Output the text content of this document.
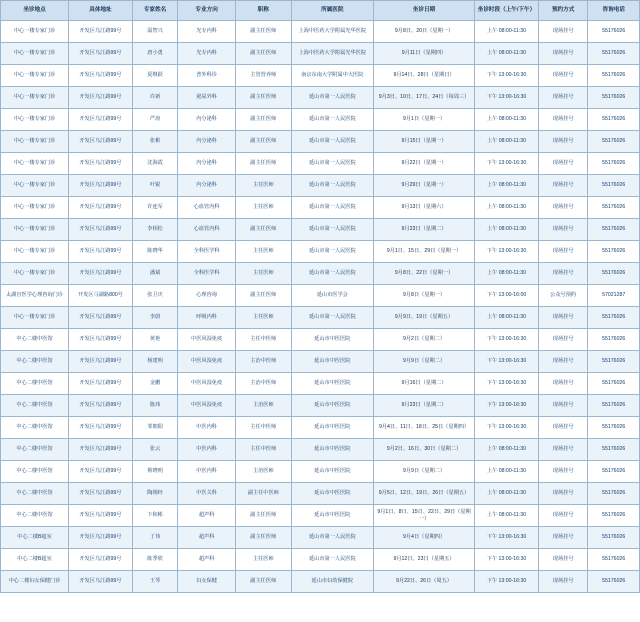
坐诊地点	具体地址	专家姓名	专业方向	职称	所属医院	坐诊日期	坐诊时段（上午/下午）	预约方式	咨询电话
中心一楼专家门诊	开发区乌江路99号	温智兴	光专内科	副主任医师	上海中医药大学附属光华医院	9月8日、20日（星期一）	上午 08:00-11:30	现场挂号	55176026
中心一楼专家门诊	开发区乌江路99号	唐小勇	光专内科	副主任医师	上海中医药大学附属光华医院	9月11日（星期四）	上午 08:00-11:30	现场挂号	55176026
中心一楼专家门诊	开发区乌江路99号	夏继跃	普外科诊	主管营养师	南京东南大学附属中大医院	9月14日、28日（星期日）	下午 13:00-16:30	现场挂号	55176026
中心一楼专家门诊	开发区乌江路99号	许新	泌尿外科	副主任医师	延山市第一人民医院	9月3日、10日、17日、24日（每周三）	下午 13:00-16:30	现场挂号	55176026
中心一楼专家门诊	开发区乌江路99号	严涛	内分泌科	副主任医师	延山市第一人民医院	9月1日（星期一）	上午 08:00-11:30	现场挂号	55176026
中心一楼专家门诊	开发区乌江路99号	张彬	内分泌科	副主任医师	延山市第一人民医院	9月15日（星期一）	上午 08:00-11:30	现场挂号	55176026
中心一楼专家门诊	开发区乌江路99号	沈海霞	内分泌科	副主任医师	延山市第一人民医院	9月22日（星期一）	下午 13:00-16:30	现场挂号	55176026
中心一楼专家门诊	开发区乌江路99号	叶锟	内分泌科	主任医师	延山市第一人民医院	9月29日（星期一）	上午 08:00-11:30	现场挂号	55176026
中心一楼专家门诊	开发区乌江路99号	许连军	心血管内科	主任医师	延山市第一人民医院	9月13日（星期六）	上午 08:00-11:30	现场挂号	55176026
中心一楼专家门诊	开发区乌江路99号	李相松	心血管内科	副主任医师	延山市第一人民医院	9月23日（星期二）	上午 08:00-11:30	现场挂号	55176026
中心一楼专家门诊	开发区乌江路99号	陈晓华	全科医学科	主任医师	延山市第一人民医院	9月1日、15日、29日（星期一）	下午 13:00-16:30	现场挂号	55176026
中心一楼专家门诊	开发区乌江路99号	潘斌	全科医学科	主任医师	延山市第一人民医院	9月8日、22日（星期一）	上午 08:00-11:30	现场挂号	55176026
太湖宫医学心理咨询门诊	开发区马湖路800号	张卫庆	心理咨询	副主任医师	延山市医学会	9月8日（星期一）	下午 13:00-16:00	公众号预约	57021287
中心一楼专家门诊	开发区乌江路99号	李蔚	呼吸内科	主任医师	延山市第一人民医院	9月9日、19日（星期五）	上午 08:00-11:30	现场挂号	55176026
中心二楼中医馆	开发区乌江路99号	黄艳	中医风湿免疫	主任中医师	延山市中医医院	9月2日（星期二）	下午 13:00-16:30	现场挂号	55176026
中心二楼中医馆	开发区乌江路99号	杨建明	中医风湿免疫	主治中医师	延山市中医医院	9月9日（星期二）	下午 13:00-16:30	现场挂号	55176026
中心二楼中医馆	开发区乌江路99号	金鹏	中医风湿免疫	主治中医师	延山市中医医院	9月16日（星期二）	下午 13:00-16:30	现场挂号	55176026
中心二楼中医馆	开发区乌江路99号	陈玮	中医风湿免疫	主治医师	延山市中医医院	9月23日（星期二）	下午 13:00-16:30	现场挂号	55176026
中心二楼中医馆	开发区乌江路99号	邹朝阳	中医内科	主任中医师	延山市中医医院	9月4日、11日、18日、25日（星期四）	下午 13:00-16:30	现场挂号	55176026
中心二楼中医馆	开发区乌江路99号	张云	中医内科	主任中医师	延山市中医医院	9月2日、16日、30日（星期二）	上午 08:00-11:30	现场挂号	55176026
中心二楼中医馆	开发区乌江路99号	蔡晓明	中医内科	主治医师	延山市中医医院	9月9日（星期二）	上午 08:00-11:30	现场挂号	55176026
中心二楼中医馆	开发区乌江路99号	陶锡经	中医关科	副主任中医师	延山市中医医院	9月5日、12日、19日、26日（星期五）	上午 08:00-11:30	现场挂号	55176026
中心二楼中医馆	开发区乌江路99号	卞和彬	超声科	副主任医师	延山市中医医院	9月1日、8日、15日、22日、29日（星期一）	上午 08:00-11:30	现场挂号	55176026
中心二楼B超室	开发区乌江路99号	丁伟	超声科	副主任医师	延山市第一人民医院	9月4日（星期四）	下午 13:00-16:30	现场挂号	55176026
中心二楼B超室	开发区乌江路99号	陈季欣	超声科	主任医师	延山市第一人民医院	9月12日、23日（星期五）	下午 13:00-16:30	现场挂号	55176026
中心二楼妇女保健门诊	开发区乌江路99号	王琴	妇女保健	副主任医师	延山市妇幼保健院	9月22日、26日（周五）	下午 13:00-16:30	现场挂号	55176026
